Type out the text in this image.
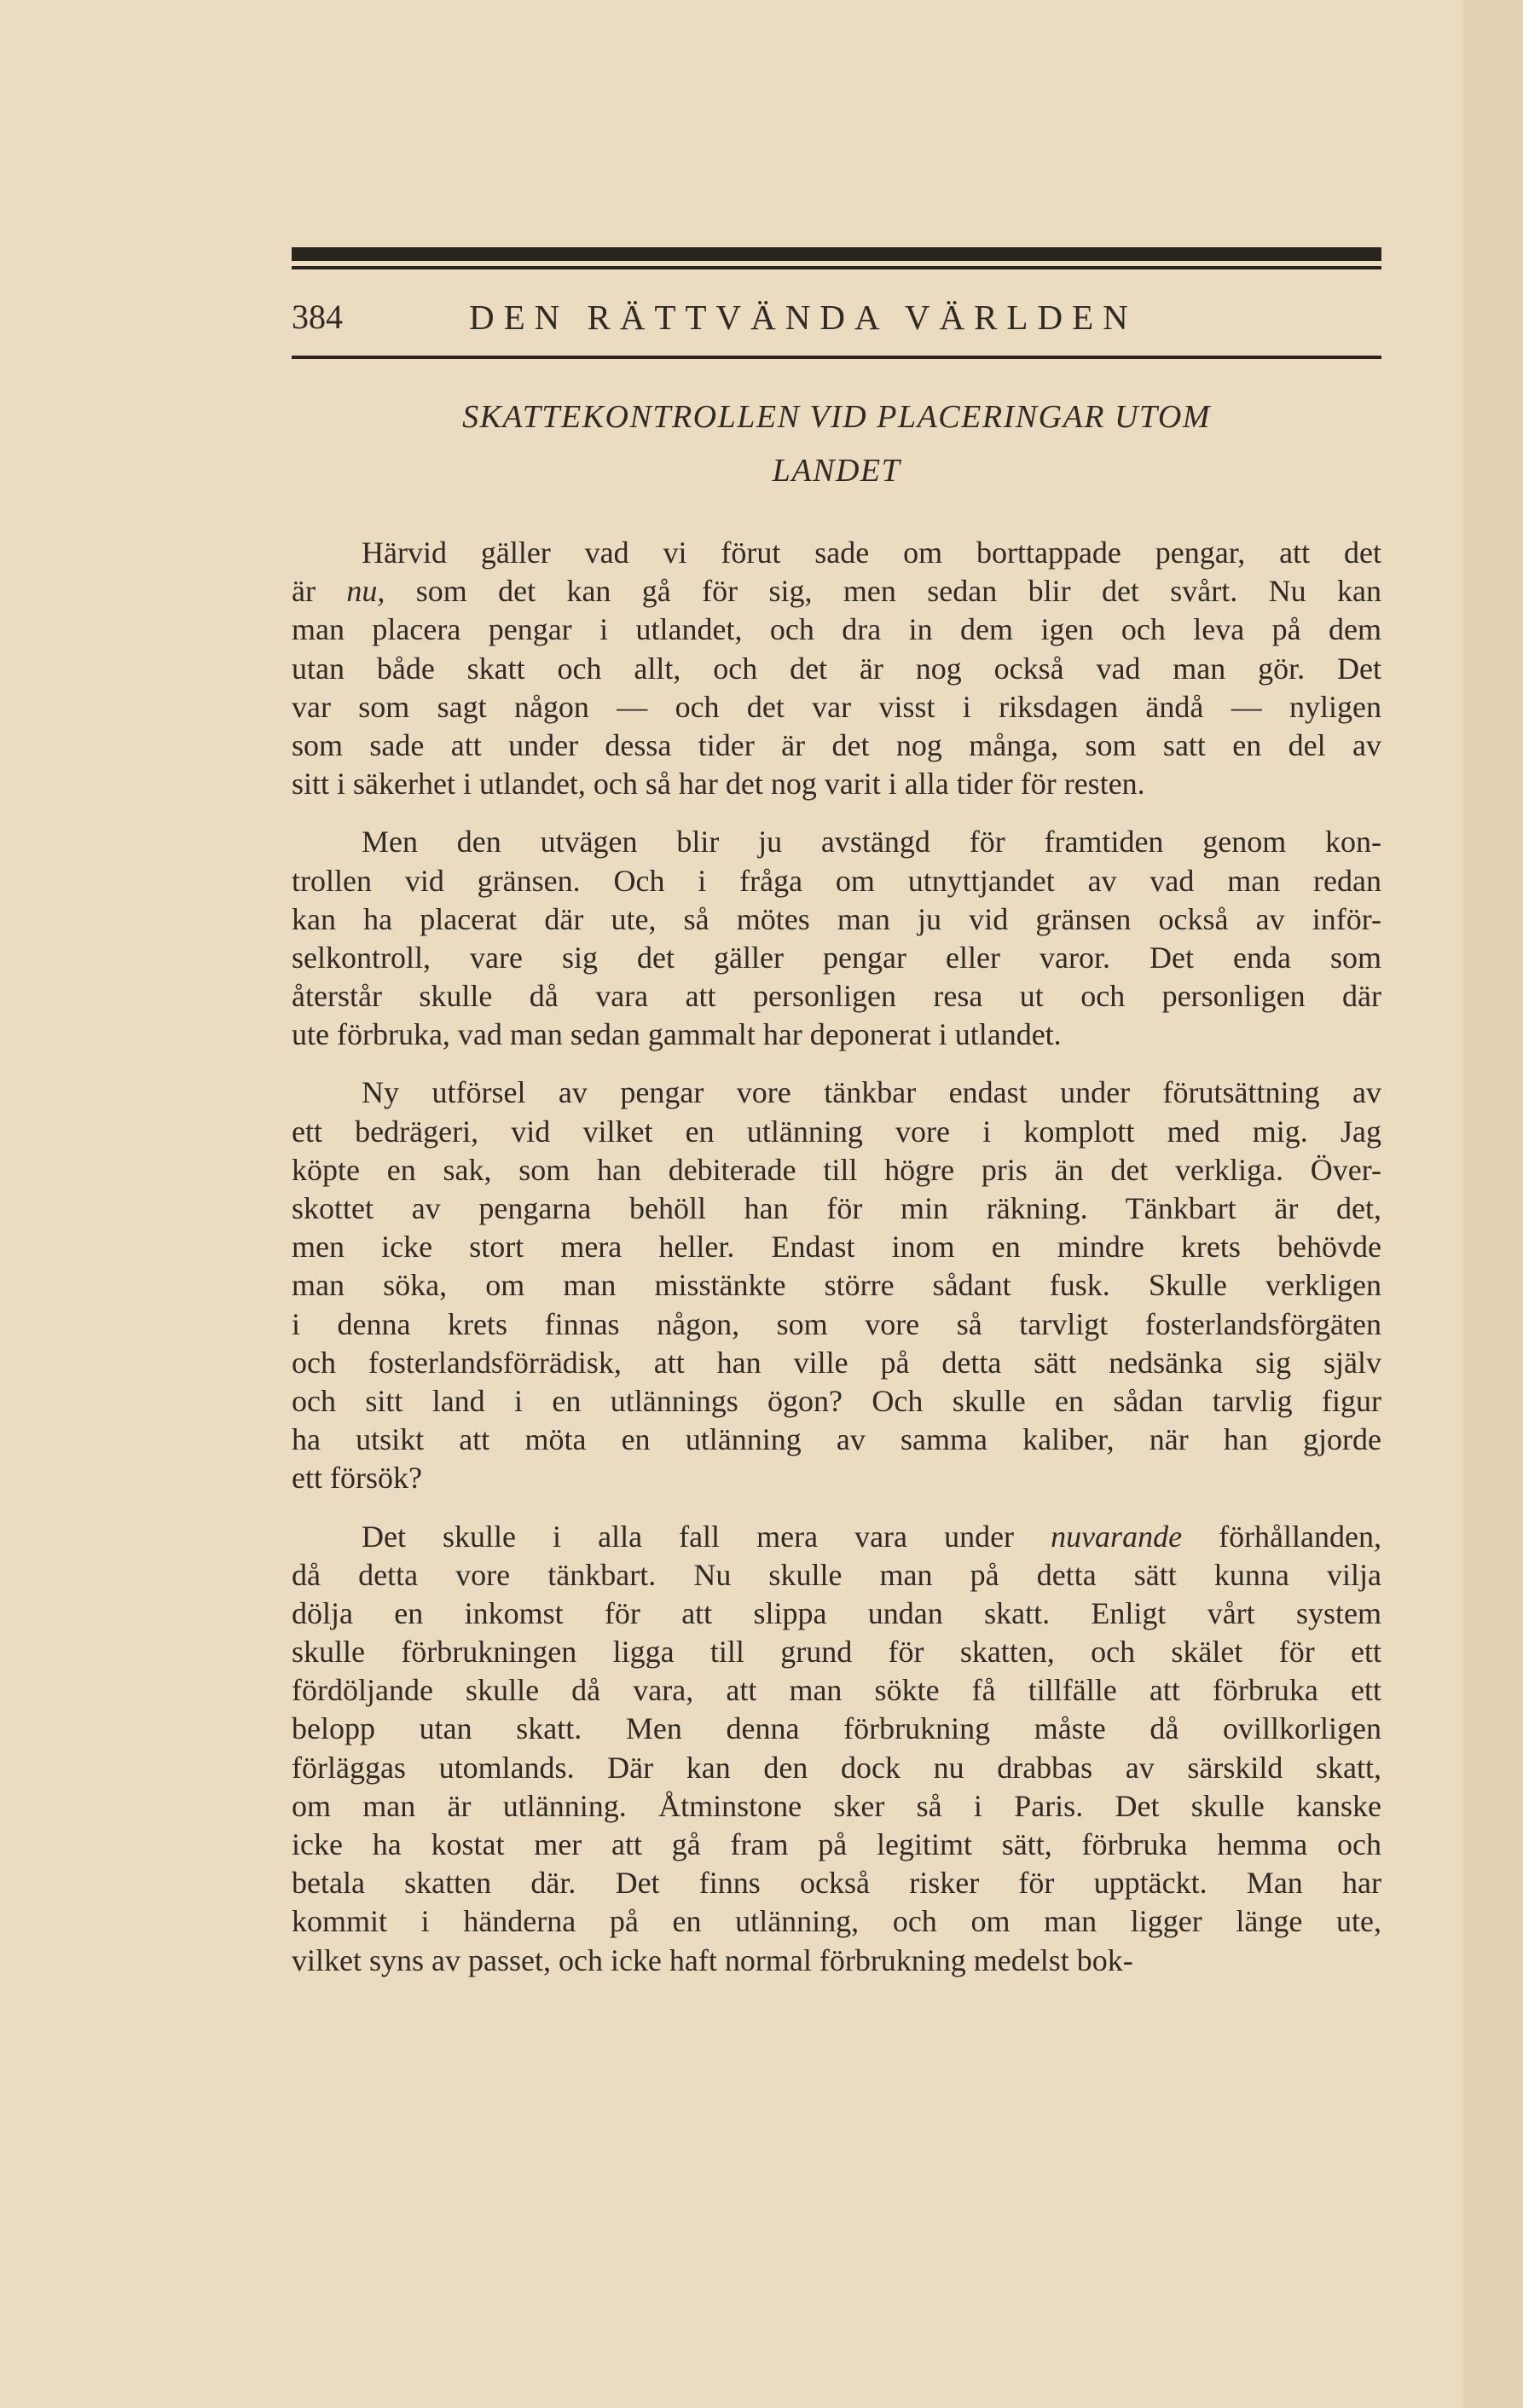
384	DEN RÄTTVÄNDA VÄRLDEN
SKATTEKONTROLLEN VID PLACERINGAR UTOM
LANDET
Härvid gäller vad vi förut sade om borttappade pengar, att det
är nu, som det kan gå för sig, men sedan blir det svårt. Nu kan
man placera pengar i utlandet, och dra in dem igen och leva på dem
utan både skatt och allt, och det är nog också vad man gör. Det
var som sagt någon — och det var visst i riksdagen ändå — nyligen
som sade att under dessa tider är det nog många, som satt en del av
sitt i säkerhet i utlandet, och så har det nog varit i alla tider för resten.
Men den utvägen blir ju avstängd för framtiden genom kon-
trollen vid gränsen. Och i fråga om utnyttjandet av vad man redan
kan ha placerat där ute, så mötes man ju vid gränsen också av inför-
selkontroll, vare sig det gäller pengar eller varor. Det enda som
återstår skulle då vara att personligen resa ut och personligen där
ute förbruka, vad man sedan gammalt har deponerat i utlandet.
Ny utförsel av pengar vore tänkbar endast under förutsättning av
ett bedrägeri, vid vilket en utlänning vore i komplott med mig. Jag
köpte en sak, som han debiterade till högre pris än det verkliga. Över-
skottet av pengarna behöll han för min räkning. Tänkbart är det,
men icke stort mera heller. Endast inom en mindre krets behövde
man söka, om man misstänkte större sådant fusk. Skulle verkligen
i denna krets finnas någon, som vore så tarvligt fosterlandsförgäten
och fosterlandsförrädisk, att han ville på detta sätt nedsänka sig själv
och sitt land i en utlännings ögon? Och skulle en sådan tarvlig figur
ha utsikt att möta en utlänning av samma kaliber, när han gjorde
ett försök?
Det skulle i alla fall mera vara under nuvarande förhållanden,
då detta vore tänkbart. Nu skulle man på detta sätt kunna vilja
dölja en inkomst för att slippa undan skatt. Enligt vårt system
skulle förbrukningen ligga till grund för skatten, och skälet för ett
fördöljande skulle då vara, att man sökte få tillfälle att förbruka ett
belopp utan skatt. Men denna förbrukning måste då ovillkorligen
förläggas utomlands. Där kan den dock nu drabbas av särskild skatt,
om man är utlänning. Åtminstone sker så i Paris. Det skulle kanske
icke ha kostat mer att gå fram på legitimt sätt, förbruka hemma och
betala skatten där. Det finns också risker för upptäckt. Man har
kommit i händerna på en utlänning, och om man ligger länge ute,
vilket syns av passet, och icke haft normal förbrukning medelst bok-
